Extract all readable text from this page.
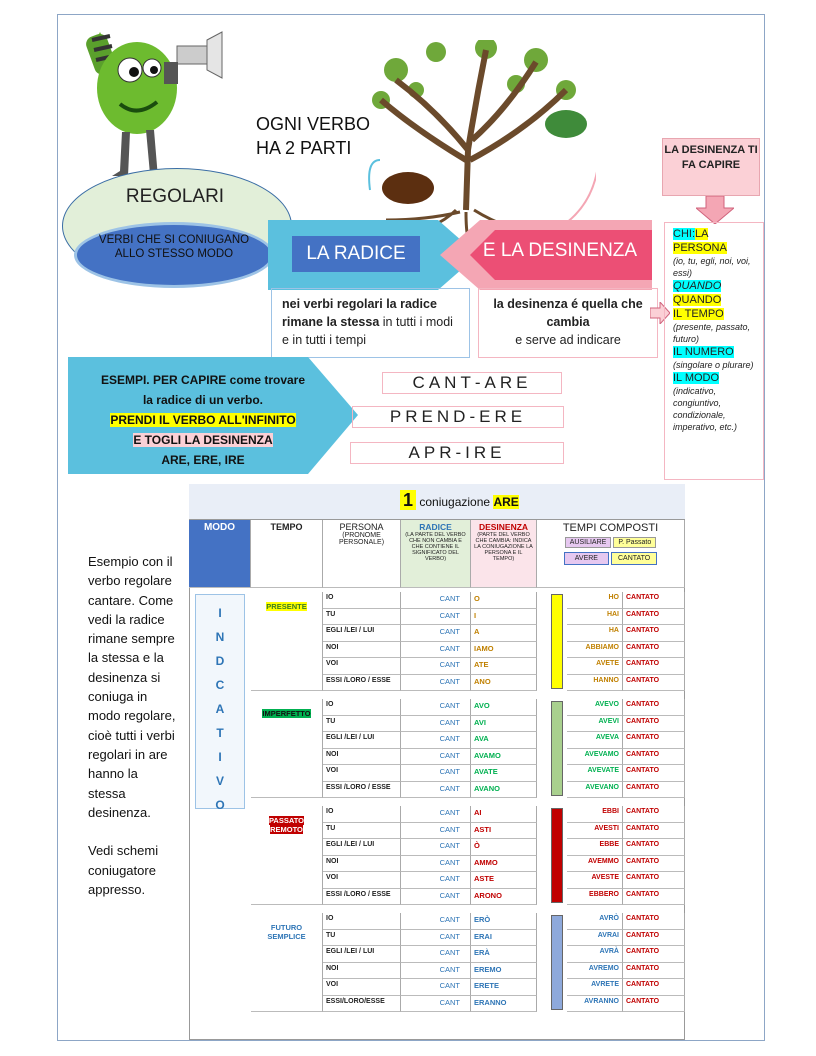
REGOLARI
VERBI CHE SI CONIUGANO ALLO STESSO MODO
OGNI VERBO
HA 2 PARTI
LA RADICE	E LA DESINENZA
nei verbi regolari la radice rimane la stessa in tutti i modi e in tutti i tempi
la desinenza é quella che cambia
e serve ad indicare
LA DESINENZA TI FA CAPIRE
CHI:LA PERSONA
(io, tu, egli, noi, voi, essi)
QUANDO
QUANDO
IL TEMPO
(presente, passato, futuro)
IL NUMERO
(singolare o plurare)
IL MODO
(indicativo, congiuntivo, condizionale, imperativo, etc.)
ESEMPI. PER CAPIRE come trovare
la radice di un verbo.
PRENDI IL VERBO ALL'INFINITO
E TOGLI LA DESINENZA
ARE, ERE, IRE
CANT -ARE
PREND -ERE
APR -IRE

Esempio con il verbo regolare cantare. Come vedi la radice rimane sempre la stessa e la desinenza si coniuga in modo regolare, cioè tutti i verbi regolari in are hanno la stessa desinenza.

Vedi schemi coniugatore appresso.

1 coniugazione ARE
MODO	TEMPO	PERSONA
(PRONOME PERSONALE)
RADICE
(LA PARTE DEL VERBO CHE NON CAMBIA E CHE CONTIENE IL SIGNIFICATO DEL VERBO)
DESINENZA
(PARTE DEL VERBO CHE CAMBIA: INDICA LA CONIUGAZIONE LA PERSONA E IL TEMPO)
TEMPI COMPOSTI
AUSILIARE	P. Passato
AVERE	CANTATO
I
N
D
C
A
T
I
V
O
PRESENTE
IO	CANT	O	HO	CANTATO
TU	CANT	I	HAI	CANTATO
EGLI /LEI / LUI	CANT	A	HA	CANTATO
NOI	CANT	IAMO	ABBIAMO	CANTATO
VOI	CANT	ATE	AVETE	CANTATO
ESSI /LORO / ESSE	CANT	ANO	HANNO	CANTATO
IMPERFETTO
IO	CANT	AVO	AVEVO	CANTATO
TU	CANT	AVI	AVEVI	CANTATO
EGLI /LEI / LUI	CANT	AVA	AVEVA	CANTATO
NOI	CANT	AVAMO	AVEVAMO	CANTATO
VOI	CANT	AVATE	AVEVATE	CANTATO
ESSI /LORO / ESSE	CANT	AVANO	AVEVANO	CANTATO
PASSATO REMOTO
IO	CANT	AI	EBBI	CANTATO
TU	CANT	ASTI	AVESTI	CANTATO
EGLI /LEI / LUI	CANT	Ò	EBBE	CANTATO
NOI	CANT	AMMO	AVEMMO	CANTATO
VOI	CANT	ASTE	AVESTE	CANTATO
ESSI /LORO / ESSE	CANT	ARONO	EBBERO	CANTATO
FUTURO SEMPLICE
IO	CANT	ERÒ	AVRÒ	CANTATO
TU	CANT	ERAI	AVRAI	CANTATO
EGLI /LEI / LUI	CANT	ERÀ	AVRÀ	CANTATO
NOI	CANT	EREMO	AVREMO	CANTATO
VOI	CANT	ERETE	AVRETE	CANTATO
ESSI/LORO/ESSE	CANT	ERANNO	AVRANNO	CANTATO
